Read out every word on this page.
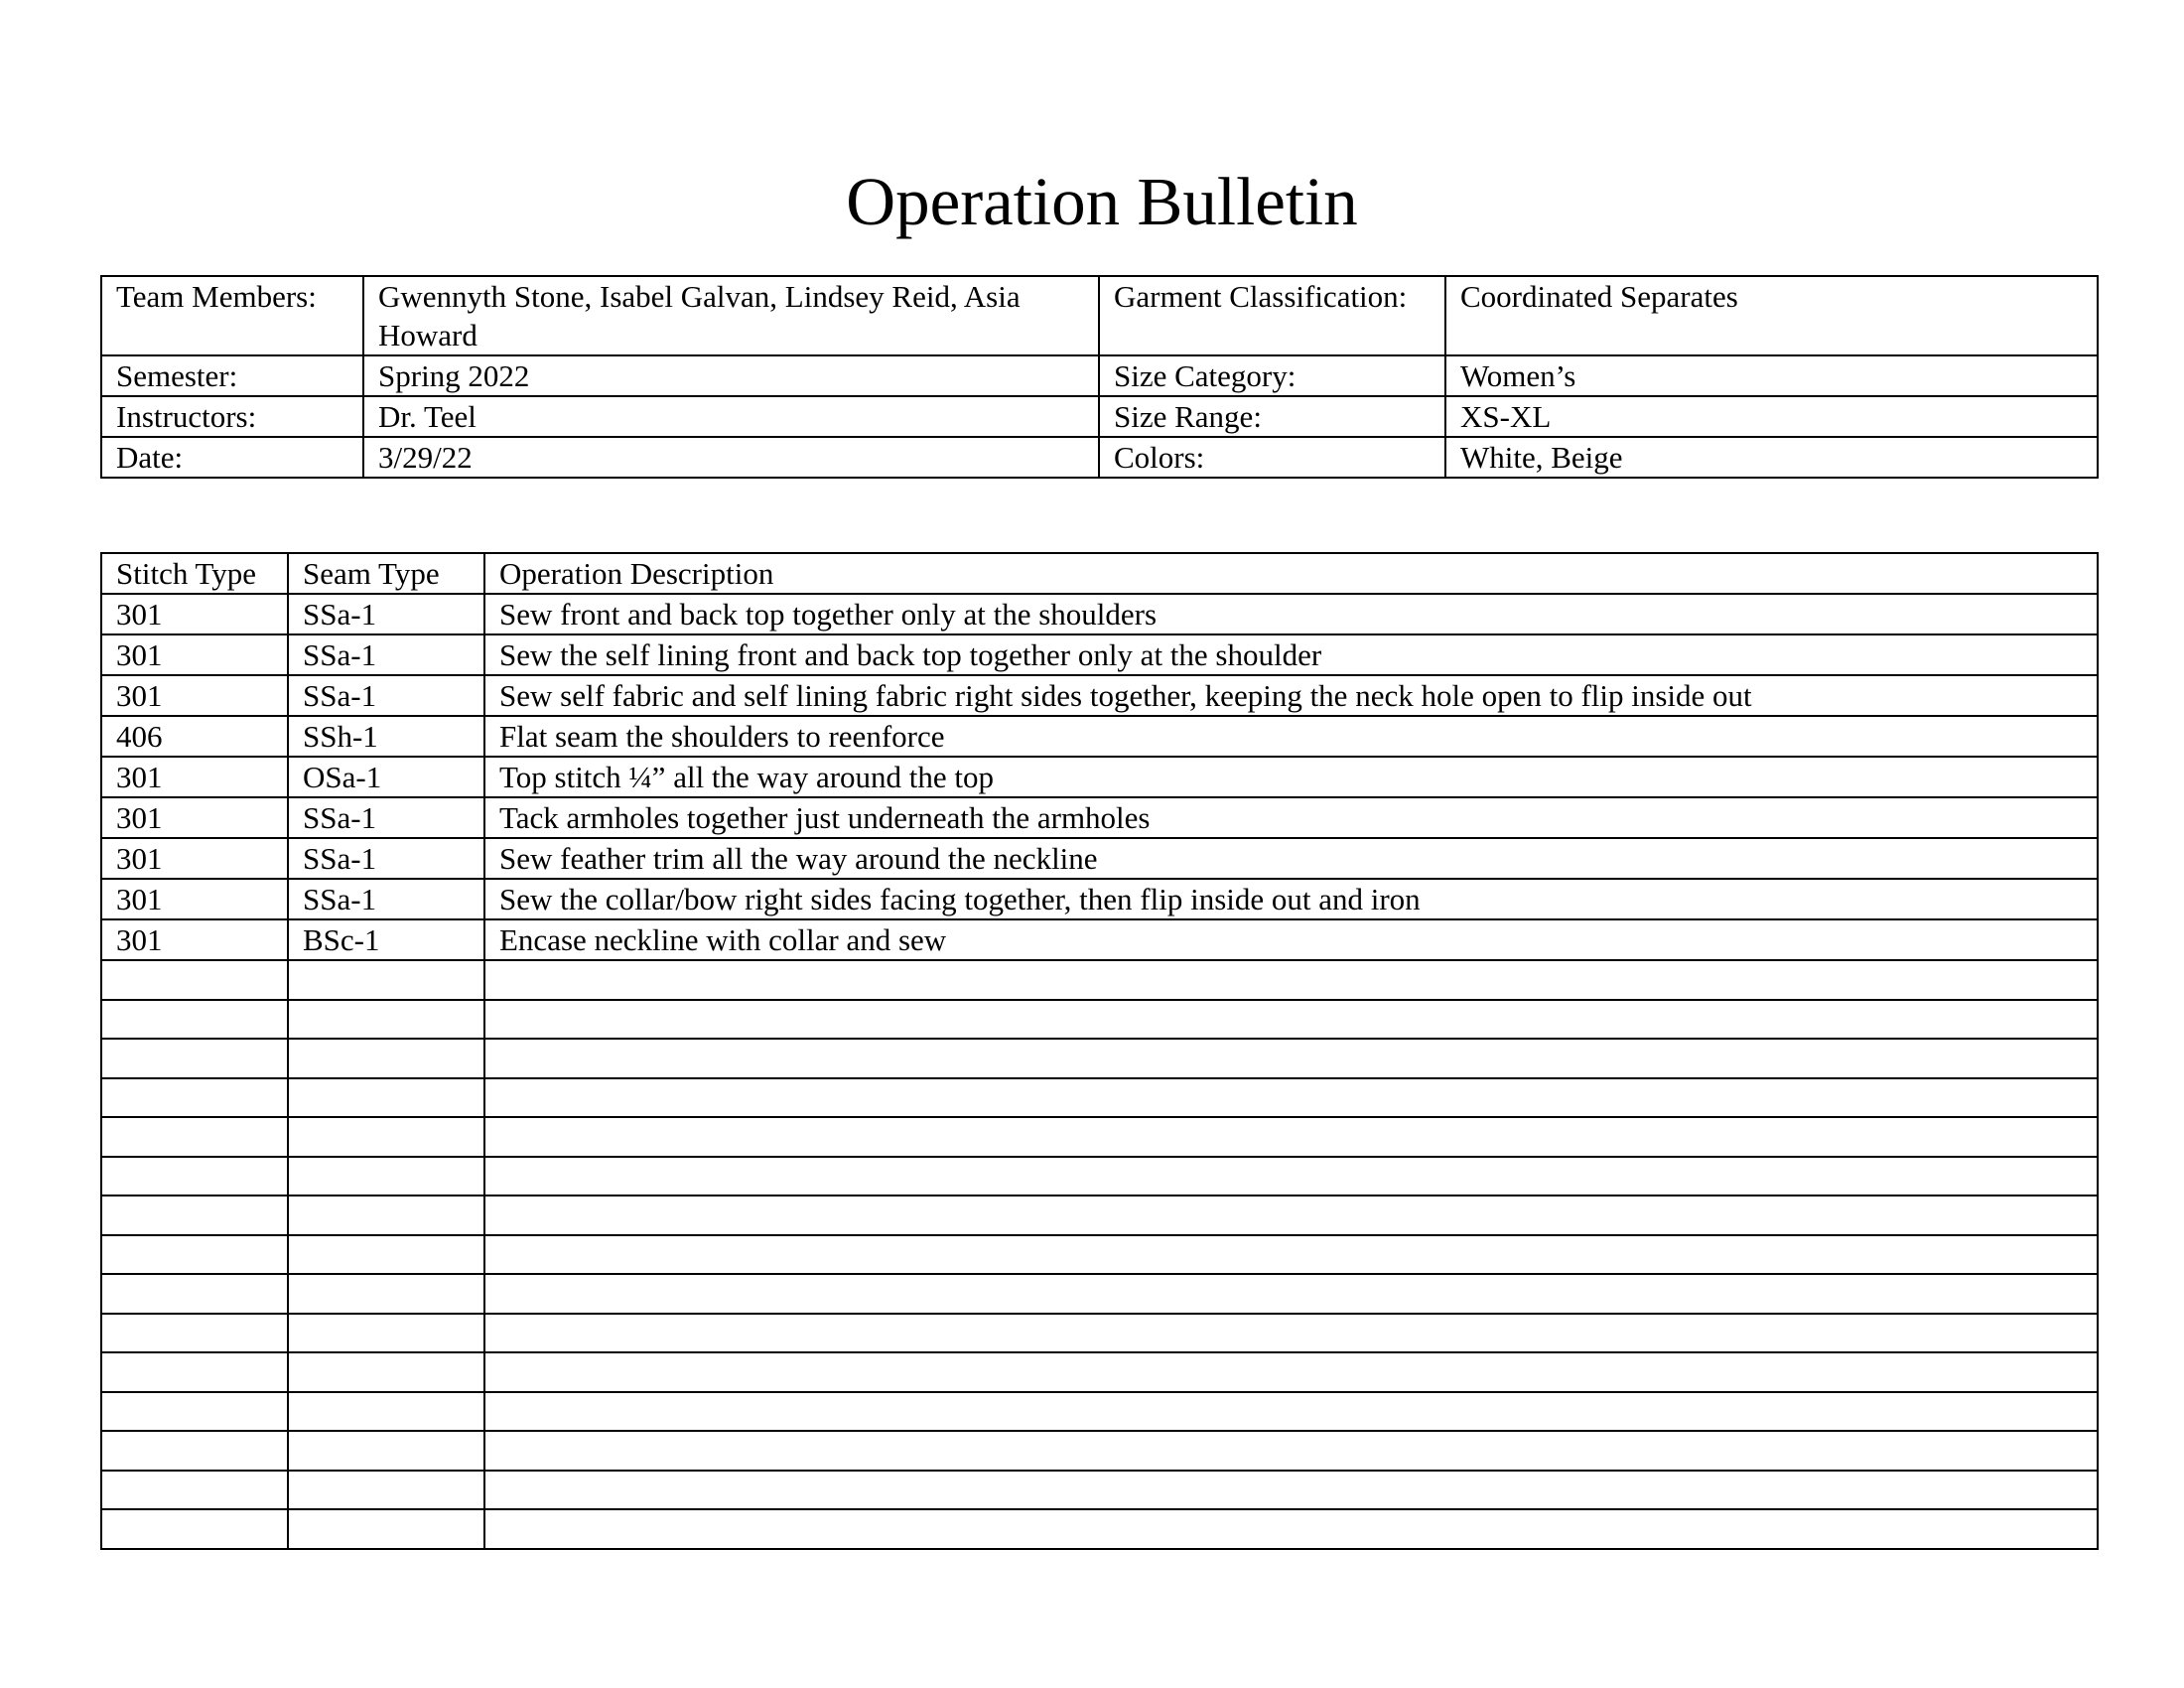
Operation Bulletin
Team Members:	Gwennyth Stone, Isabel Galvan, Lindsey Reid, Asia Howard	Garment Classification:	Coordinated Separates
Semester:	Spring 2022	Size Category:	Women’s
Instructors:	Dr. Teel	Size Range:	XS-XL
Date:	3/29/22	Colors:	White, Beige
Stitch Type	Seam Type	Operation Description
301	SSa-1	Sew front and back top together only at the shoulders
301	SSa-1	Sew the self lining front and back top together only at the shoulder
301	SSa-1	Sew self fabric and self lining fabric right sides together, keeping the neck hole open to flip inside out
406	SSh-1	Flat seam the shoulders to reenforce
301	OSa-1	Top stitch ¼” all the way around the top
301	SSa-1	Tack armholes together just underneath the armholes
301	SSa-1	Sew feather trim all the way around the neckline
301	SSa-1	Sew the collar/bow right sides facing together, then flip inside out and iron
301	BSc-1	Encase neckline with collar and sew
